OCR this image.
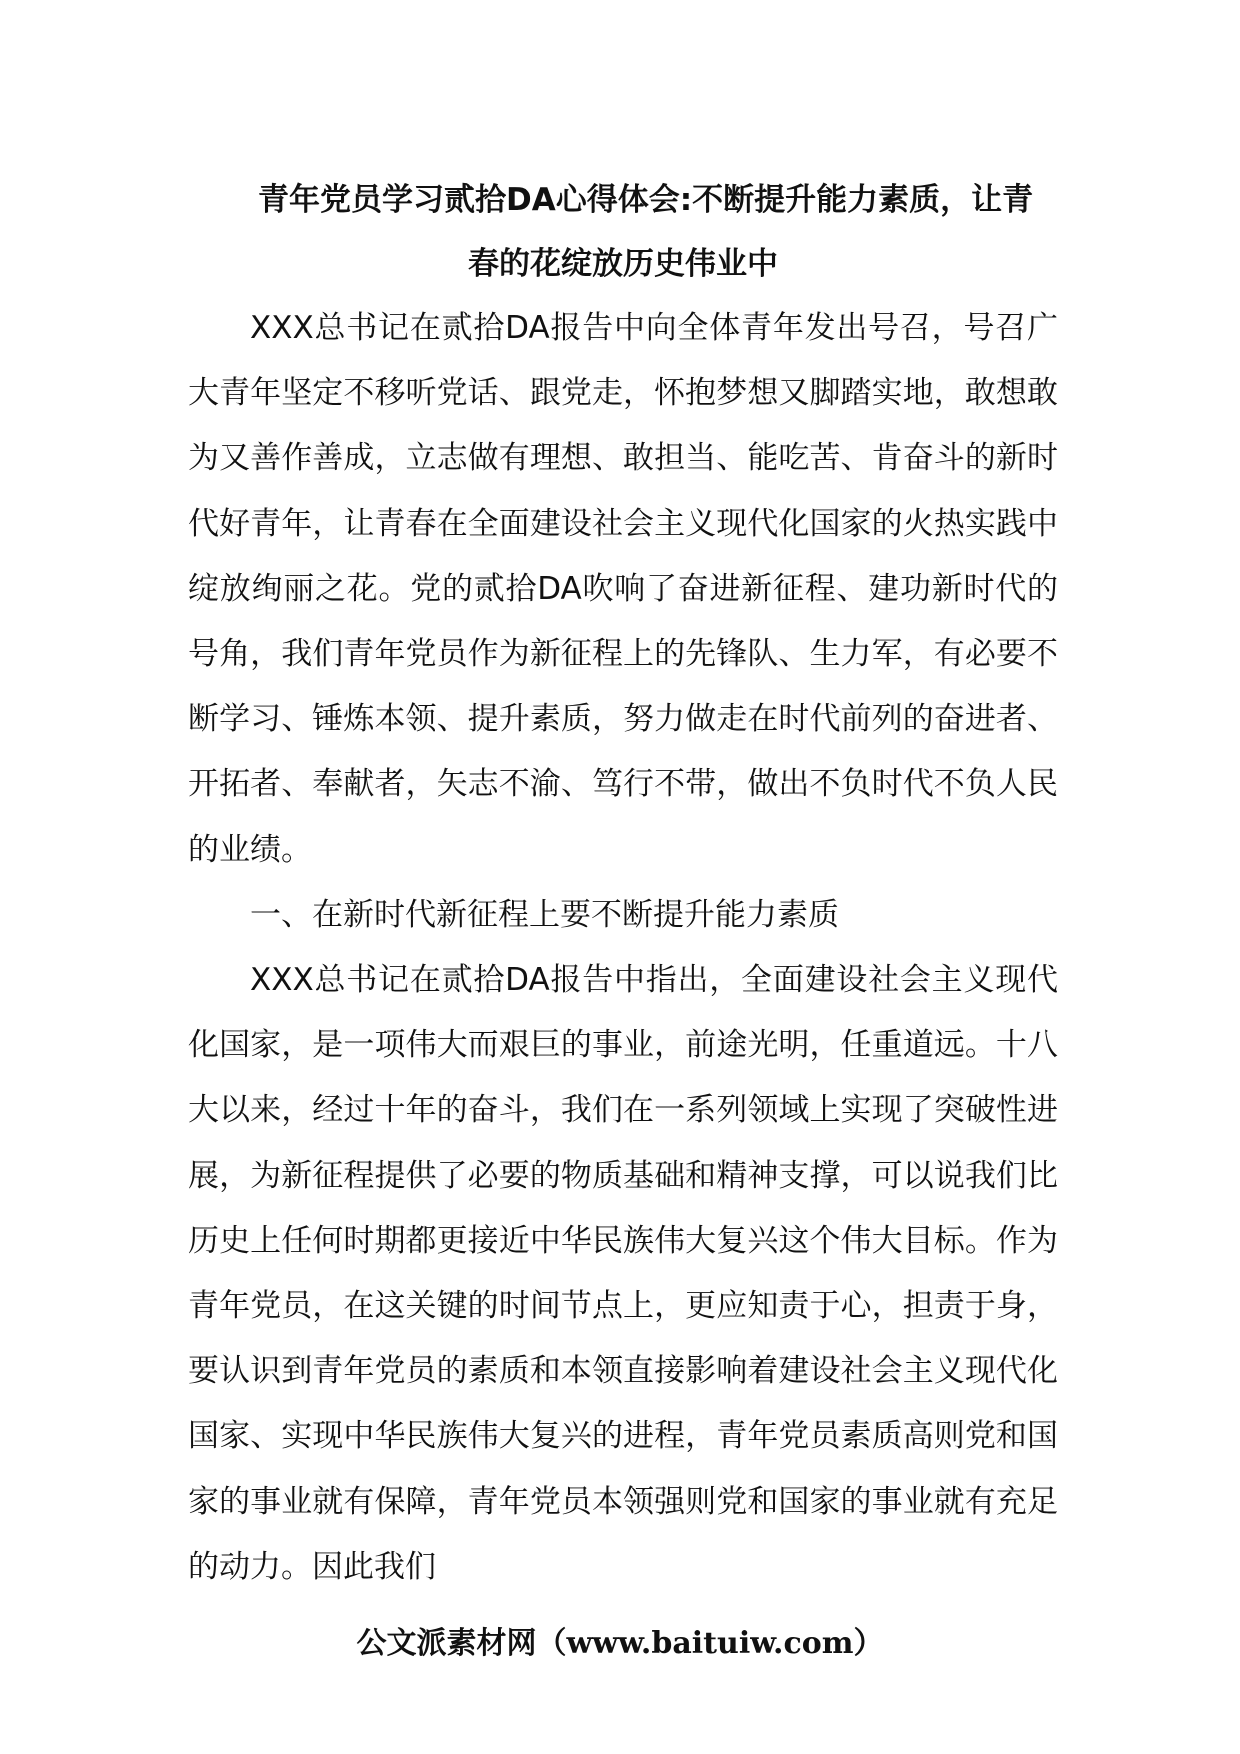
青年党员学习贰拾DA心得体会:不断提升能力素质，让青
春的花绽放历史伟业中

XXX总书记在贰拾DA报告中向全体青年发出号召，号召广大青年坚定不移听党话、跟党走，怀抱梦想又脚踏实地，敢想敢为又善作善成，立志做有理想、敢担当、能吃苦、肯奋斗的新时代好青年，让青春在全面建设社会主义现代化国家的火热实践中绽放绚丽之花。党的贰拾DA吹响了奋进新征程、建功新时代的号角，我们青年党员作为新征程上的先锋队、生力军，有必要不断学习、锤炼本领、提升素质，努力做走在时代前列的奋进者、开拓者、奉献者，矢志不渝、笃行不带，做出不负时代不负人民的业绩。

一、在新时代新征程上要不断提升能力素质

XXX总书记在贰拾DA报告中指出，全面建设社会主义现代化国家，是一项伟大而艰巨的事业，前途光明，任重道远。十八大以来，经过十年的奋斗，我们在一系列领域上实现了突破性进展，为新征程提供了必要的物质基础和精神支撑，可以说我们比历史上任何时期都更接近中华民族伟大复兴这个伟大目标。作为青年党员，在这关键的时间节点上，更应知责于心，担责于身，要认识到青年党员的素质和本领直接影响着建设社会主义现代化国家、实现中华民族伟大复兴的进程，青年党员素质高则党和国家的事业就有保障，青年党员本领强则党和国家的事业就有充足的动力。因此我们

公文派素材网（www.baituiw.com）
